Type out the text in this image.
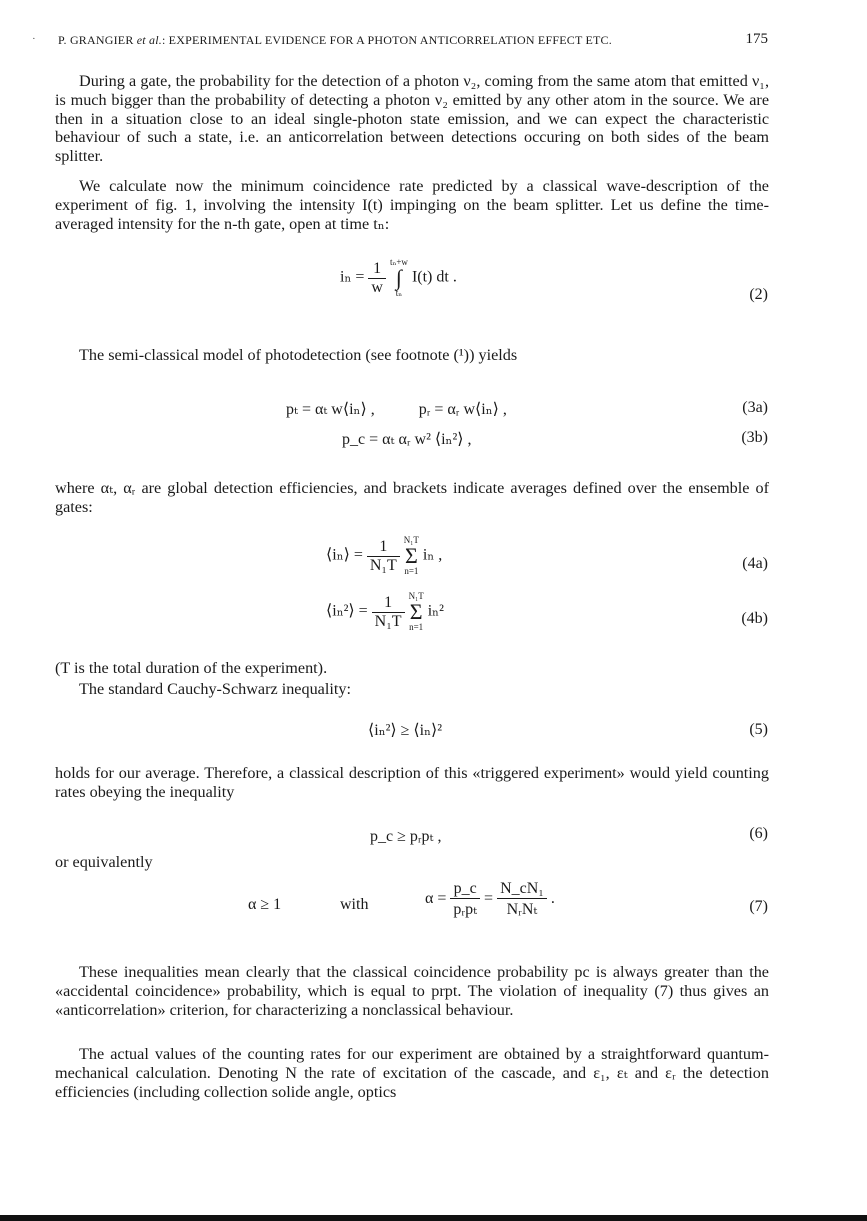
· P. GRANGIER et al.: EXPERIMENTAL EVIDENCE FOR A PHOTON ANTICORRELATION EFFECT ETC.	175
During a gate, the probability for the detection of a photon ν₂, coming from the same atom that emitted ν₁, is much bigger than the probability of detecting a photon ν₂ emitted by any other atom in the source. We are then in a situation close to an ideal single-photon state emission, and we can expect the characteristic behaviour of such a state, i.e. an anticorrelation between detections occuring on both sides of the beam splitter.
We calculate now the minimum coincidence rate predicted by a classical wave-description of the experiment of fig. 1, involving the intensity I(t) impinging on the beam splitter. Let us define the time-averaged intensity for the n-th gate, open at time tₙ:
$i_n = \frac{1}{w}$
tₙ+w
∫
tₙ
I(t) dt .
(2)
The semi-classical model of photodetection (see footnote (¹)) yields
pₜ = αₜ w⟨iₙ⟩ ,	pᵣ = αᵣ w⟨iₙ⟩ ,	(3a)
p_c = αₜ αᵣ w² ⟨iₙ²⟩ ,	(3b)
where αₜ, αᵣ are global detection efficiencies, and brackets indicate averages defined over the ensemble of gates:
⟨iₙ⟩ = $\frac{1}{\text{N₁T}}$
N₁T
Σ
n=1
iₙ ,	(4a)
⟨iₙ²⟩ = $\frac{1}{\text{N₁T}}$
N₁T
Σ
n=1
iₙ²	(4b)
(T is the total duration of the experiment).
The standard Cauchy-Schwarz inequality:
⟨iₙ²⟩ ≥ ⟨iₙ⟩²	(5)
holds for our average. Therefore, a classical description of this «triggered experiment» would yield counting rates obeying the inequality
p_c ≥ pᵣpₜ ,	(6)
or equivalently
α ≥ 1	with	$\alpha = \frac{p\_c}{\text{pᵣpₜ}} = \frac{\text{N\_cN₁}}{\text{NᵣNₜ}}$ .	(7)
These inequalities mean clearly that the classical coincidence probability pc is always greater than the «accidental coincidence» probability, which is equal to prpt. The violation of inequality (7) thus gives an «anticorrelation» criterion, for characterizing a nonclassical behaviour.
The actual values of the counting rates for our experiment are obtained by a straightforward quantum-mechanical calculation. Denoting N the rate of excitation of the cascade, and ε₁, εₜ and εᵣ the detection efficiencies (including collection solide angle, optics
